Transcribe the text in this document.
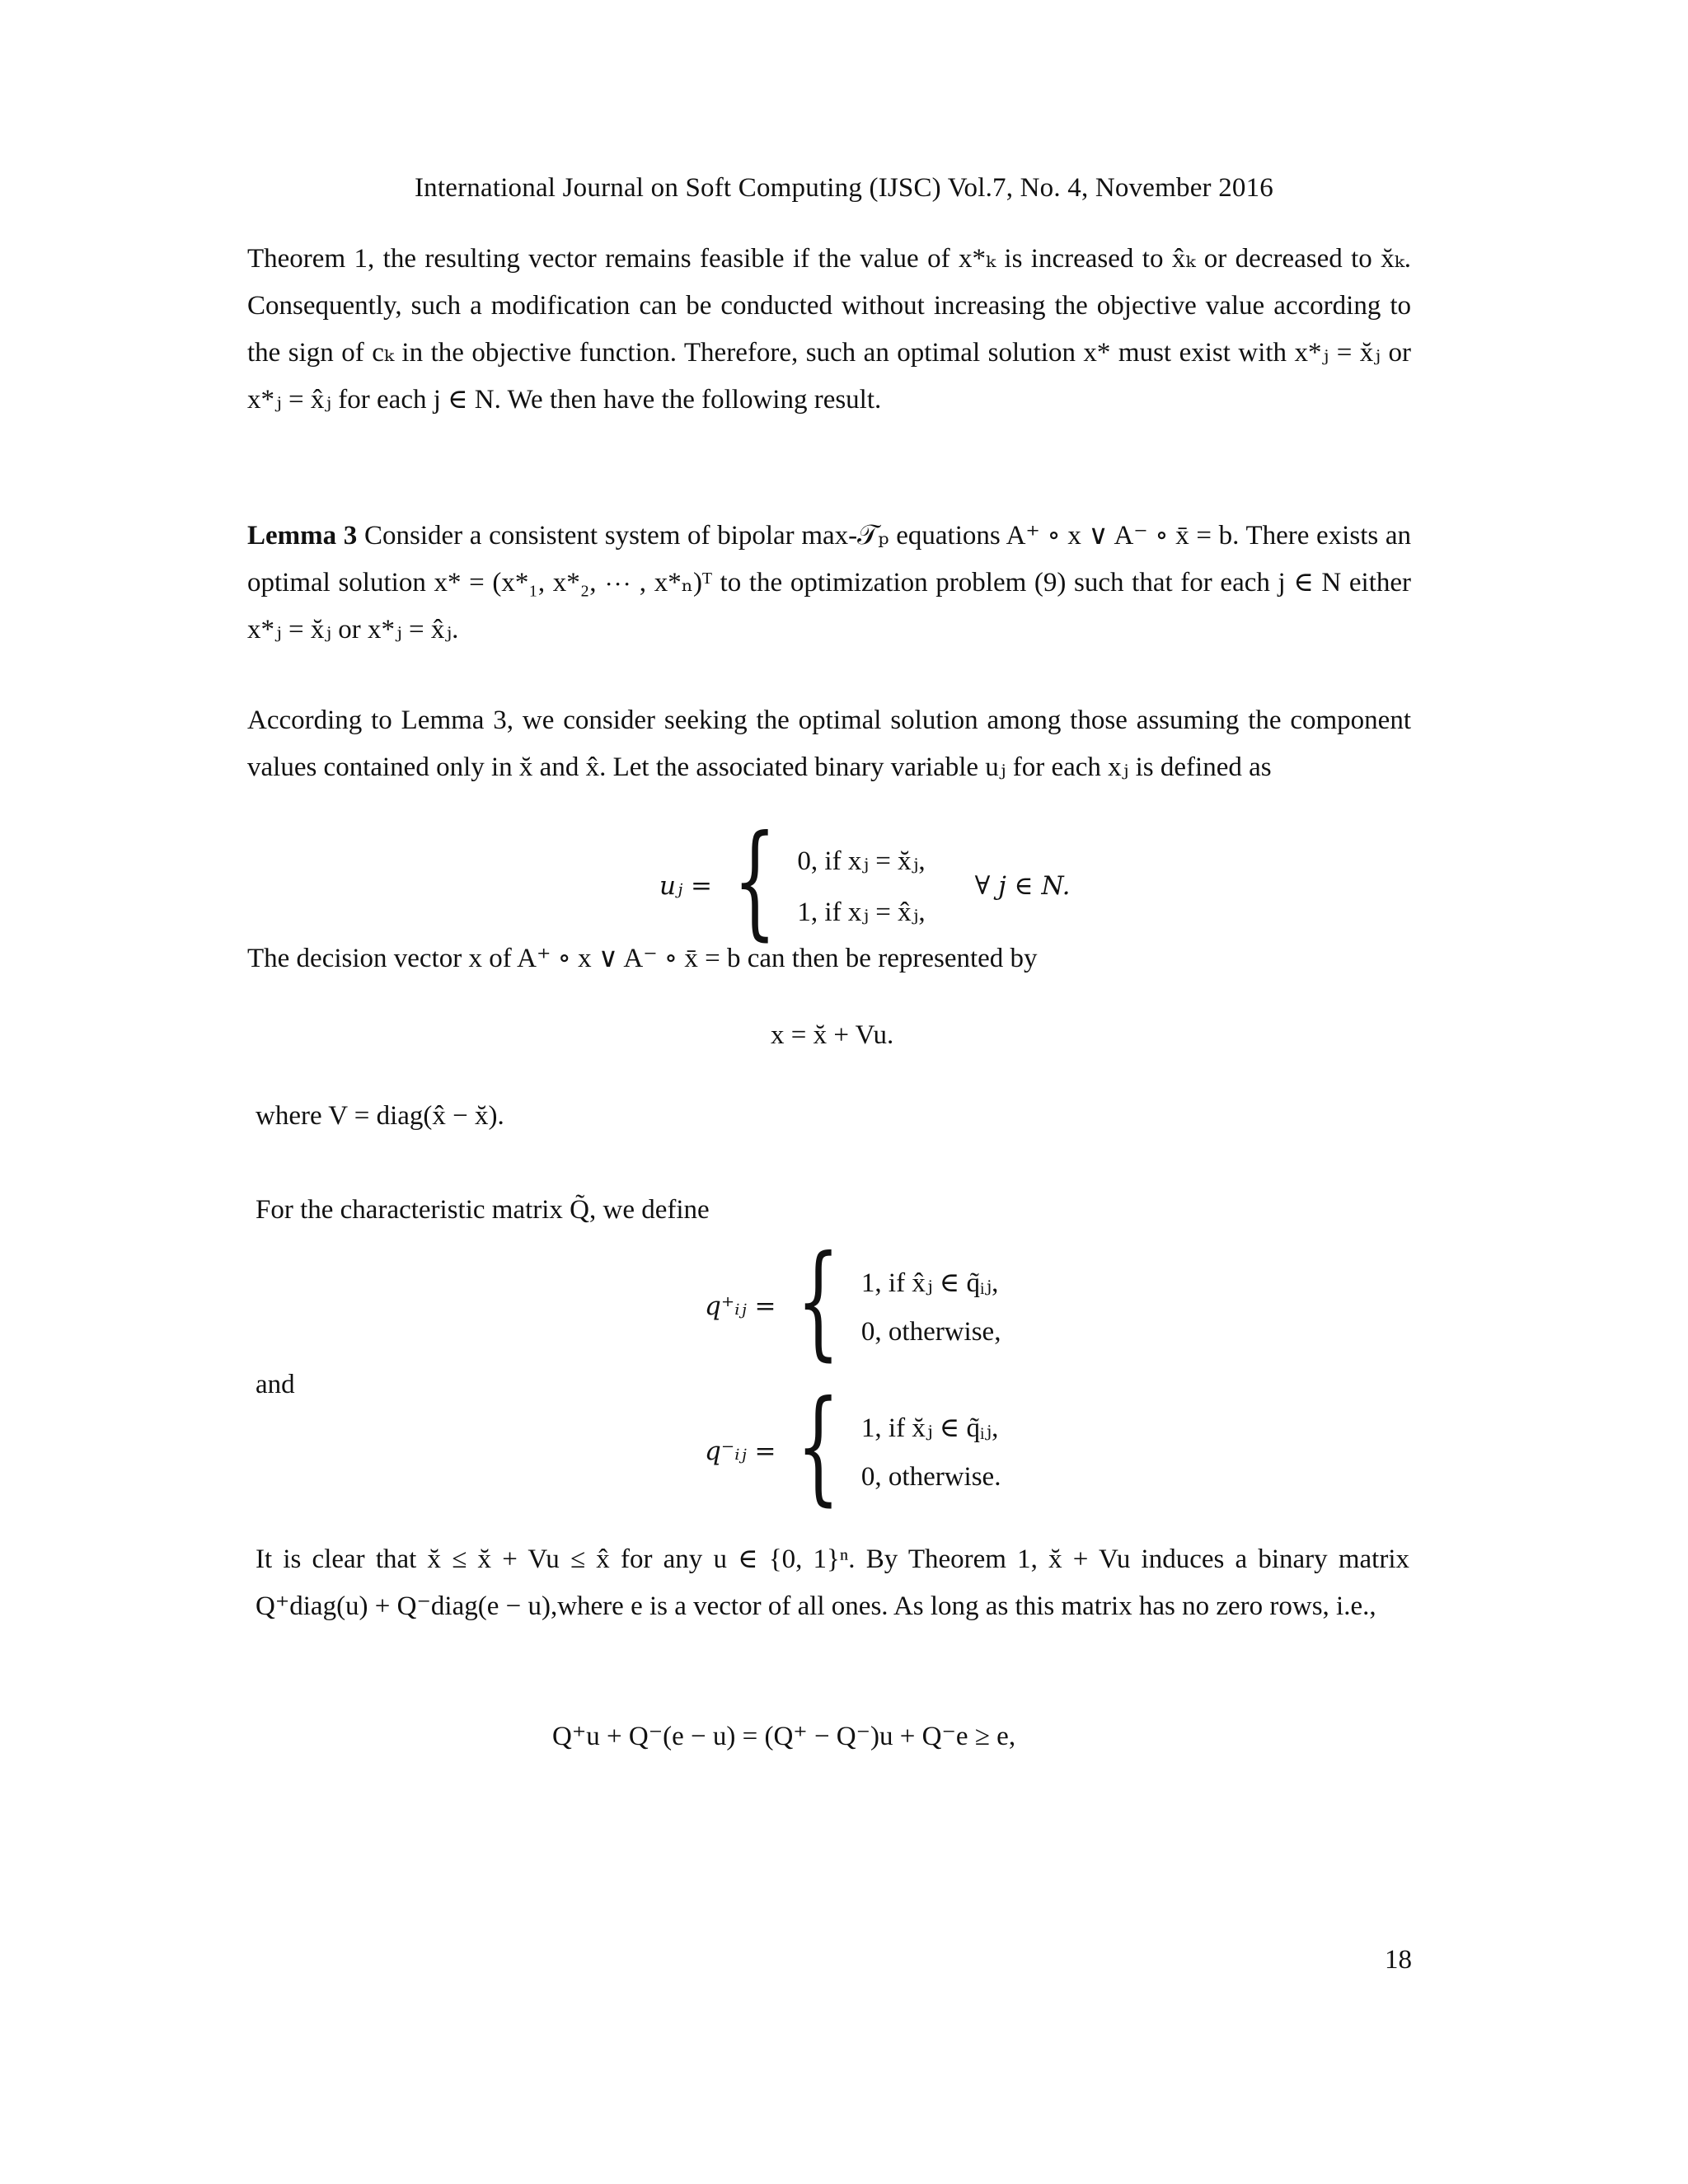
International Journal on Soft Computing (IJSC) Vol.7, No. 4, November 2016
Theorem 1, the resulting vector remains feasible if the value of x*ₖ is increased to x̂ₖ or decreased to x̆ₖ. Consequently, such a modification can be conducted without increasing the objective value according to the sign of cₖ in the objective function. Therefore, such an optimal solution x* must exist with x*ⱼ = x̆ⱼ or x*ⱼ = x̂ⱼ for each j ∈ N. We then have the following result.
Lemma 3 Consider a consistent system of bipolar max-𝒯ₚ equations A⁺ ∘ x ∨ A⁻ ∘ x̄ = b. There exists an optimal solution x* = (x*₁, x*₂, ⋯ , x*ₙ)ᵀ to the optimization problem (9) such that for each j ∈ N either x*ⱼ = x̆ⱼ or x*ⱼ = x̂ⱼ.
According to Lemma 3, we consider seeking the optimal solution among those assuming the component values contained only in x̆ and x̂. Let the associated binary variable uⱼ for each xⱼ is defined as
uⱼ = { 0, if xⱼ = x̆ⱼ,
1, if xⱼ = x̂ⱼ,
∀ j ∈ N.
The decision vector x of A⁺ ∘ x ∨ A⁻ ∘ x̄ = b can then be represented by
x = x̆ + Vu.
where V = diag(x̂ − x̆).
For the characteristic matrix Q̃, we define
q⁺ᵢⱼ = { 1, if x̂ⱼ ∈ q̃ᵢⱼ,
0, otherwise,
and
q⁻ᵢⱼ = { 1, if x̆ⱼ ∈ q̃ᵢⱼ,
0, otherwise.
It is clear that x̆ ≤ x̆ + Vu ≤ x̂ for any u ∈ {0, 1}ⁿ. By Theorem 1, x̆ + Vu induces a binary matrix Q⁺diag(u) + Q⁻diag(e − u),where e is a vector of all ones. As long as this matrix has no zero rows, i.e.,
Q⁺u + Q⁻(e − u) = (Q⁺ − Q⁻)u + Q⁻e ≥ e,
18
